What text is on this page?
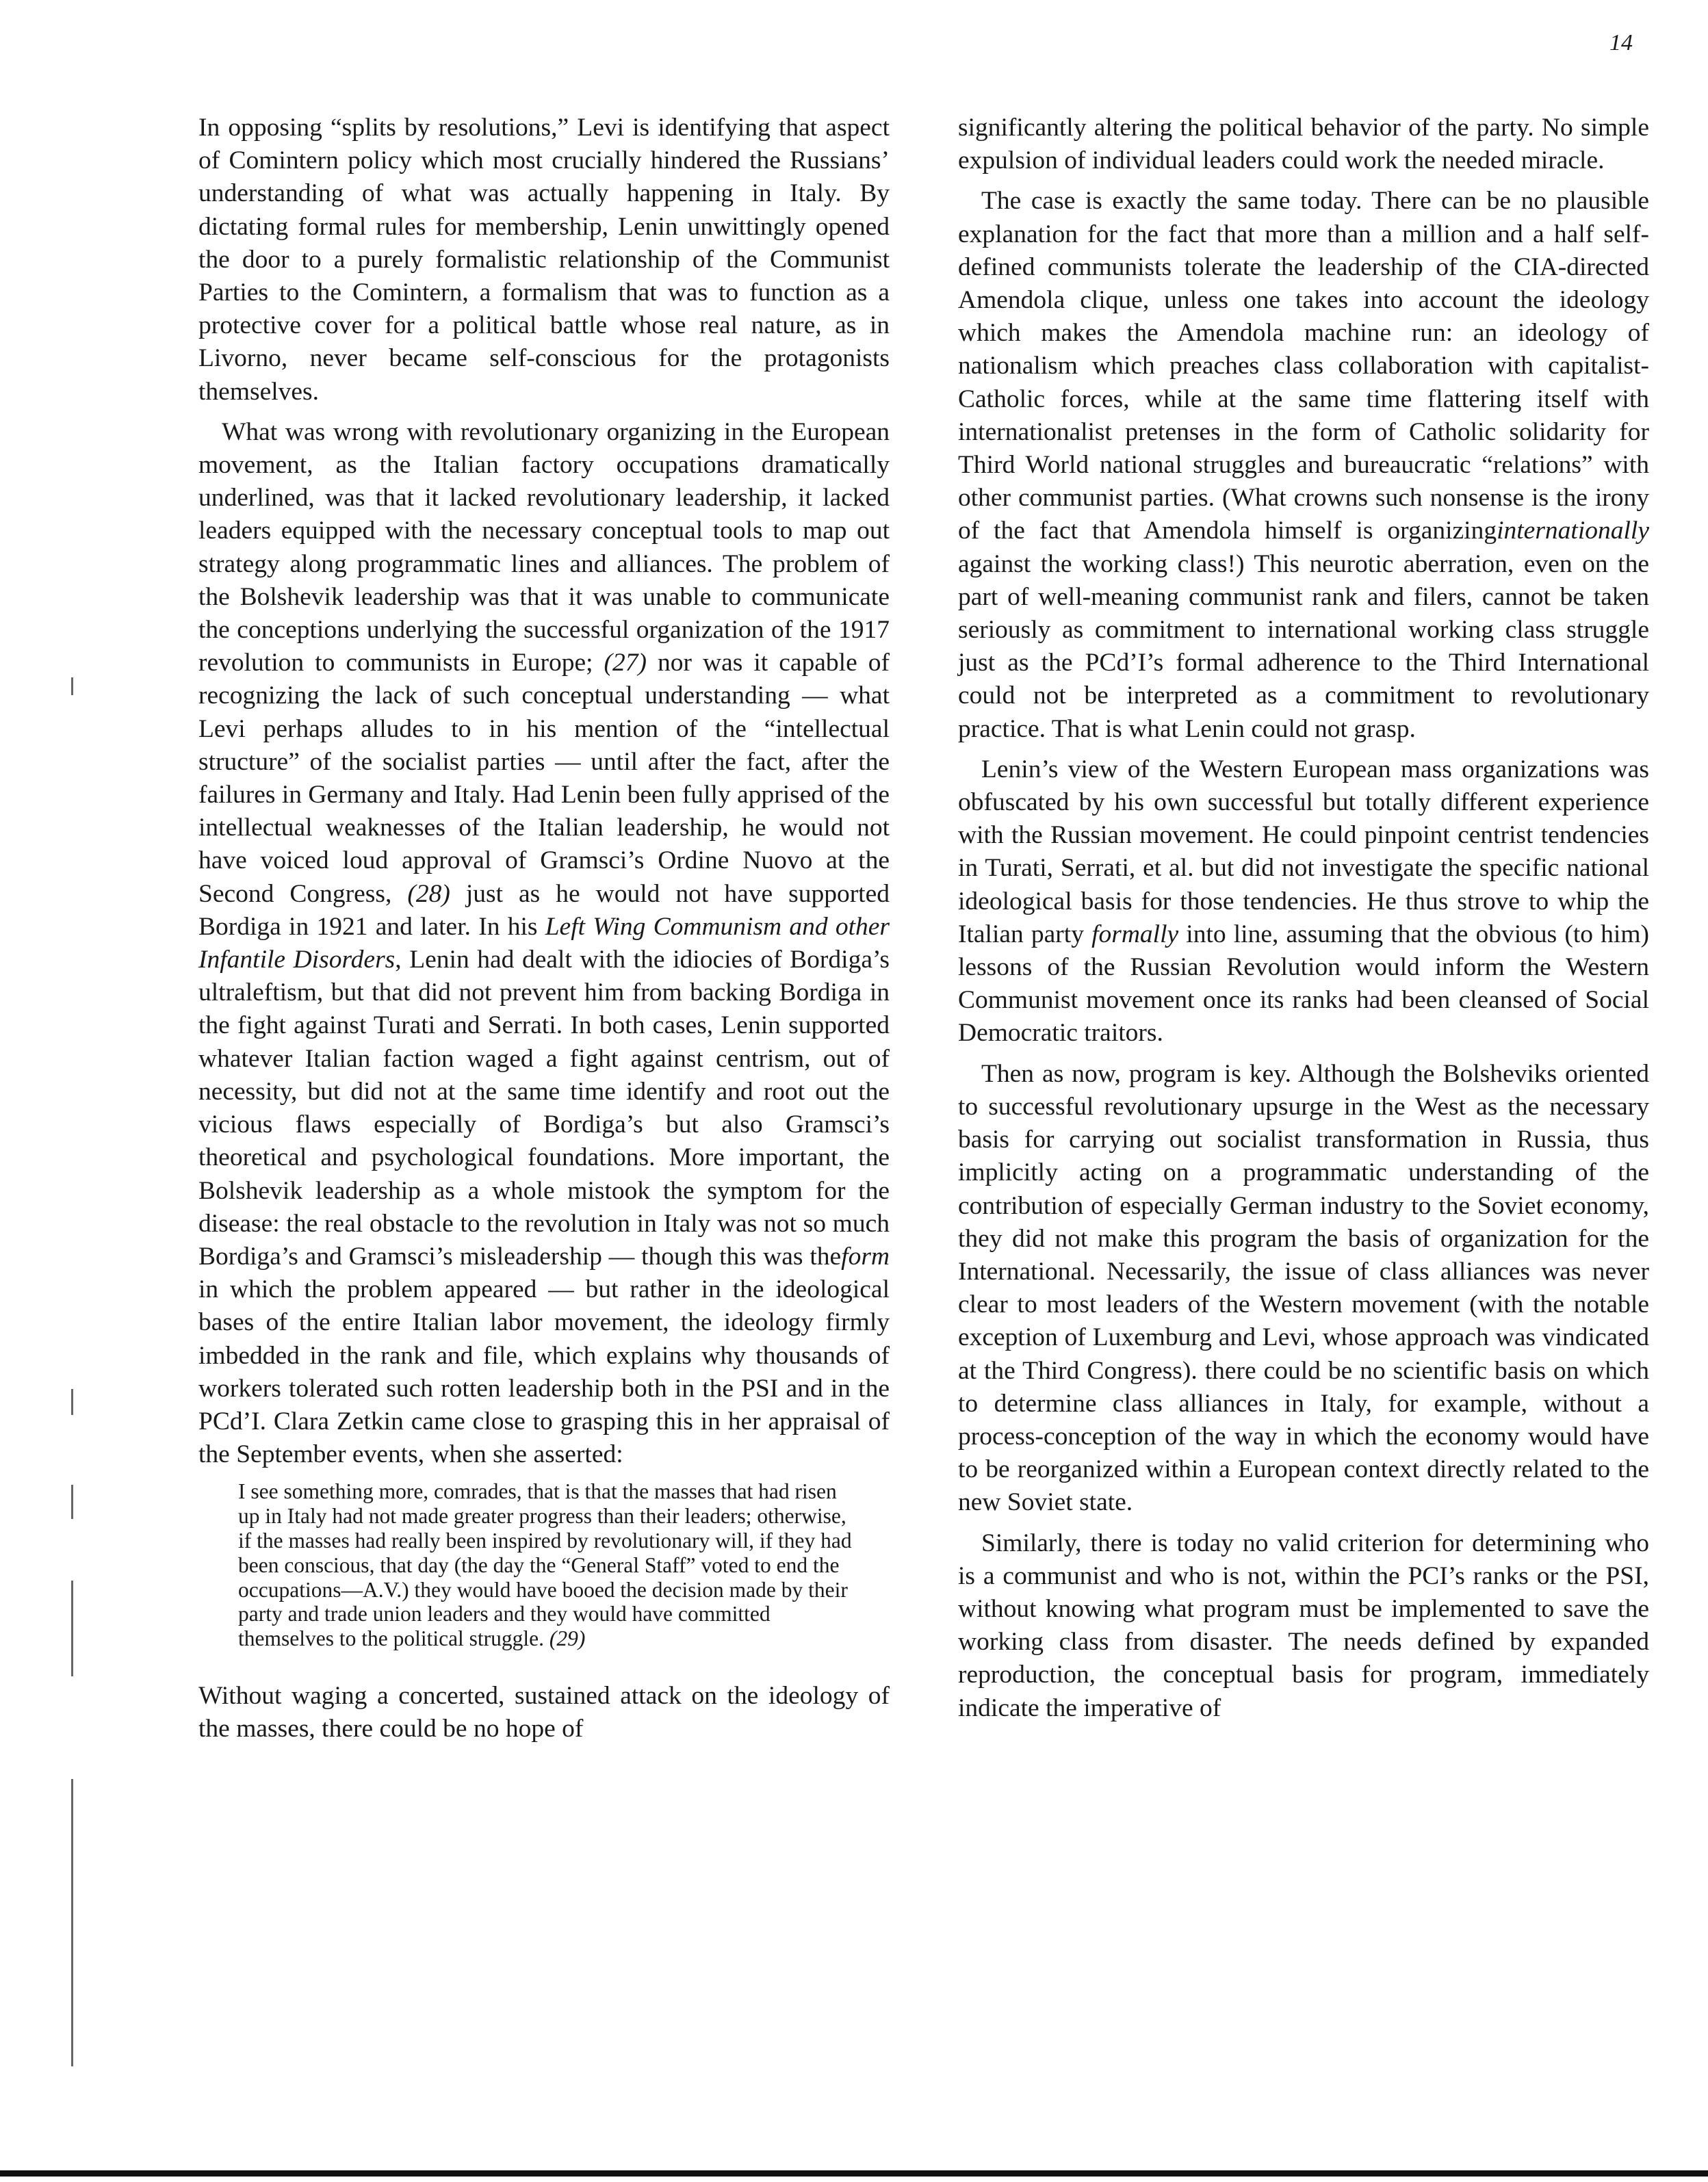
14

In opposing “splits by resolutions,” Levi is identifying that aspect of Comintern policy which most crucially hindered the Russians’ understanding of what was actually happening in Italy. By dictating formal rules for membership, Lenin unwittingly opened the door to a purely formalistic relationship of the Communist Parties to the Comintern, a formalism that was to function as a protective cover for a political battle whose real nature, as in Livorno, never became self-conscious for the protagonists themselves.

What was wrong with revolutionary organizing in the European movement, as the Italian factory occupations dramatically underlined, was that it lacked revolutionary leadership, it lacked leaders equipped with the necessary conceptual tools to map out strategy along programmatic lines and alliances. The problem of the Bolshevik leadership was that it was unable to communicate the conceptions underlying the successful organization of the 1917 revolution to communists in Europe; (27) nor was it capable of recognizing the lack of such conceptual understanding — what Levi perhaps alludes to in his mention of the “intellectual structure” of the socialist parties — until after the fact, after the failures in Germany and Italy. Had Lenin been fully apprised of the intellectual weaknesses of the Italian leadership, he would not have voiced loud approval of Gramsci’s Ordine Nuovo at the Second Congress, (28) just as he would not have supported Bordiga in 1921 and later. In his Left Wing Communism and other Infantile Disorders, Lenin had dealt with the idiocies of Bordiga’s ultraleftism, but that did not prevent him from backing Bordiga in the fight against Turati and Serrati. In both cases, Lenin supported whatever Italian faction waged a fight against centrism, out of necessity, but did not at the same time identify and root out the vicious flaws especially of Bordiga’s but also Gramsci’s theoretical and psychological foundations. More important, the Bolshevik leadership as a whole mistook the symptom for the disease: the real obstacle to the revolution in Italy was not so much Bordiga’s and Gramsci’s misleadership — though this was theform in which the problem appeared — but rather in the ideological bases of the entire Italian labor movement, the ideology firmly imbedded in the rank and file, which explains why thousands of workers tolerated such rotten leadership both in the PSI and in the PCd’I. Clara Zetkin came close to grasping this in her appraisal of the September events, when she asserted:

I see something more, comrades, that is that the masses that had risen up in Italy had not made greater progress than their leaders; otherwise, if the masses had really been inspired by revolutionary will, if they had been conscious, that day (the day the “General Staff” voted to end the occupations—A.V.) they would have booed the decision made by their party and trade union leaders and they would have committed themselves to the political struggle. (29)

Without waging a concerted, sustained attack on the ideology of the masses, there could be no hope of

significantly altering the political behavior of the party. No simple expulsion of individual leaders could work the needed miracle.

The case is exactly the same today. There can be no plausible explanation for the fact that more than a million and a half self-defined communists tolerate the leadership of the CIA-directed Amendola clique, unless one takes into account the ideology which makes the Amendola machine run: an ideology of nationalism which preaches class collaboration with capitalist-Catholic forces, while at the same time flattering itself with internationalist pretenses in the form of Catholic solidarity for Third World national struggles and bureaucratic “relations” with other communist parties. (What crowns such nonsense is the irony of the fact that Amendola himself is organizinginternationally against the working class!) This neurotic aberration, even on the part of well-meaning communist rank and filers, cannot be taken seriously as commitment to international working class struggle just as the PCd’I’s formal adherence to the Third International could not be interpreted as a commitment to revolutionary practice. That is what Lenin could not grasp.

Lenin’s view of the Western European mass organizations was obfuscated by his own successful but totally different experience with the Russian movement. He could pinpoint centrist tendencies in Turati, Serrati, et al. but did not investigate the specific national ideological basis for those tendencies. He thus strove to whip the Italian party formally into line, assuming that the obvious (to him) lessons of the Russian Revolution would inform the Western Communist movement once its ranks had been cleansed of Social Democratic traitors.

Then as now, program is key. Although the Bolsheviks oriented to successful revolutionary upsurge in the West as the necessary basis for carrying out socialist transformation in Russia, thus implicitly acting on a programmatic understanding of the contribution of especially German industry to the Soviet economy, they did not make this program the basis of organization for the International. Necessarily, the issue of class alliances was never clear to most leaders of the Western movement (with the notable exception of Luxemburg and Levi, whose approach was vindicated at the Third Congress). there could be no scientific basis on which to determine class alliances in Italy, for example, without a process-conception of the way in which the economy would have to be reorganized within a European context directly related to the new Soviet state.

Similarly, there is today no valid criterion for determining who is a communist and who is not, within the PCI’s ranks or the PSI, without knowing what program must be implemented to save the working class from disaster. The needs defined by expanded reproduction, the conceptual basis for program, immediately indicate the imperative of
